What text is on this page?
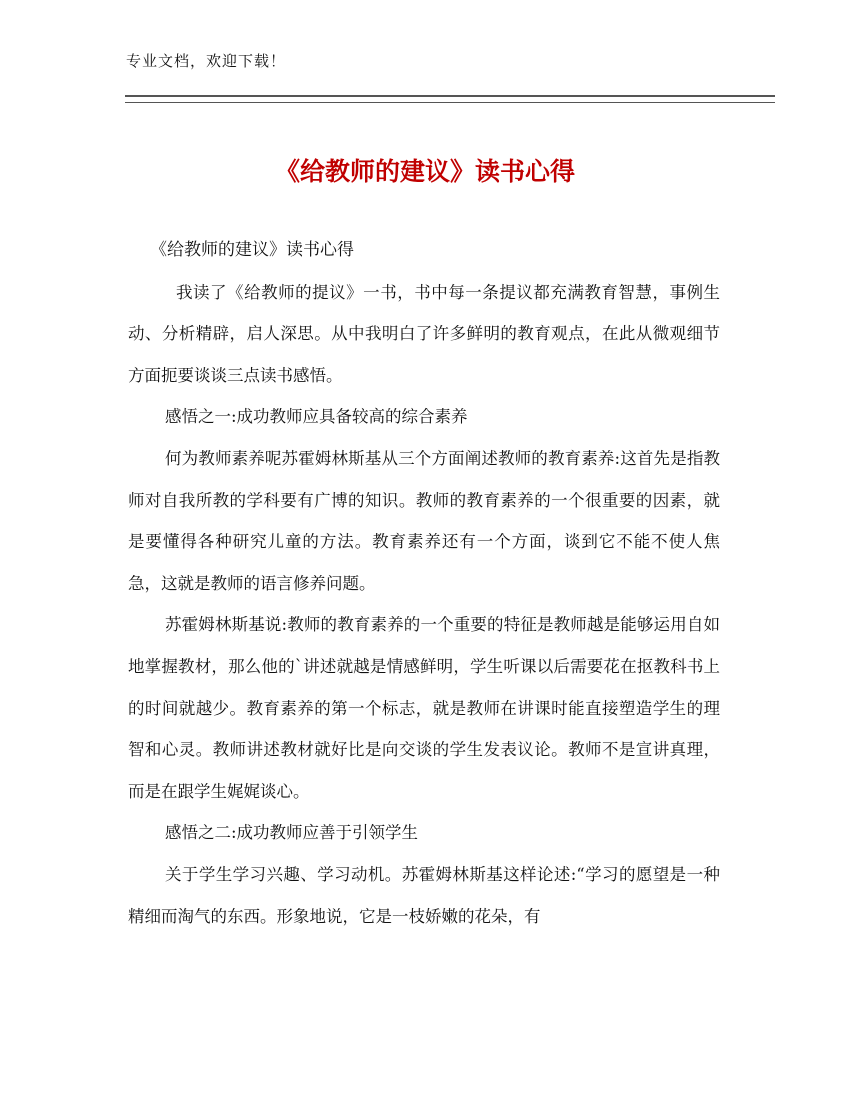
专业文档，欢迎下载！
《给教师的建议》读书心得

《给教师的建议》读书心得

我读了《给教师的提议》一书，书中每一条提议都充满教育智慧，事例生动、分析精辟，启人深思。从中我明白了许多鲜明的教育观点，在此从微观细节方面扼要谈谈三点读书感悟。

感悟之一:成功教师应具备较高的综合素养

何为教师素养呢苏霍姆林斯基从三个方面阐述教师的教育素养:这首先是指教师对自我所教的学科要有广博的知识。教师的教育素养的一个很重要的因素，就是要懂得各种研究儿童的方法。教育素养还有一个方面，谈到它不能不使人焦急，这就是教师的语言修养问题。

苏霍姆林斯基说:教师的教育素养的一个重要的特征是教师越是能够运用自如地掌握教材，那么他的`讲述就越是情感鲜明，学生听课以后需要花在抠教科书上的时间就越少。教育素养的第一个标志，就是教师在讲课时能直接塑造学生的理智和心灵。教师讲述教材就好比是向交谈的学生发表议论。教师不是宣讲真理，而是在跟学生娓娓谈心。

感悟之二:成功教师应善于引领学生

关于学生学习兴趣、学习动机。苏霍姆林斯基这样论述:“学习的愿望是一种精细而淘气的东西。形象地说，它是一枝娇嫩的花朵，有
